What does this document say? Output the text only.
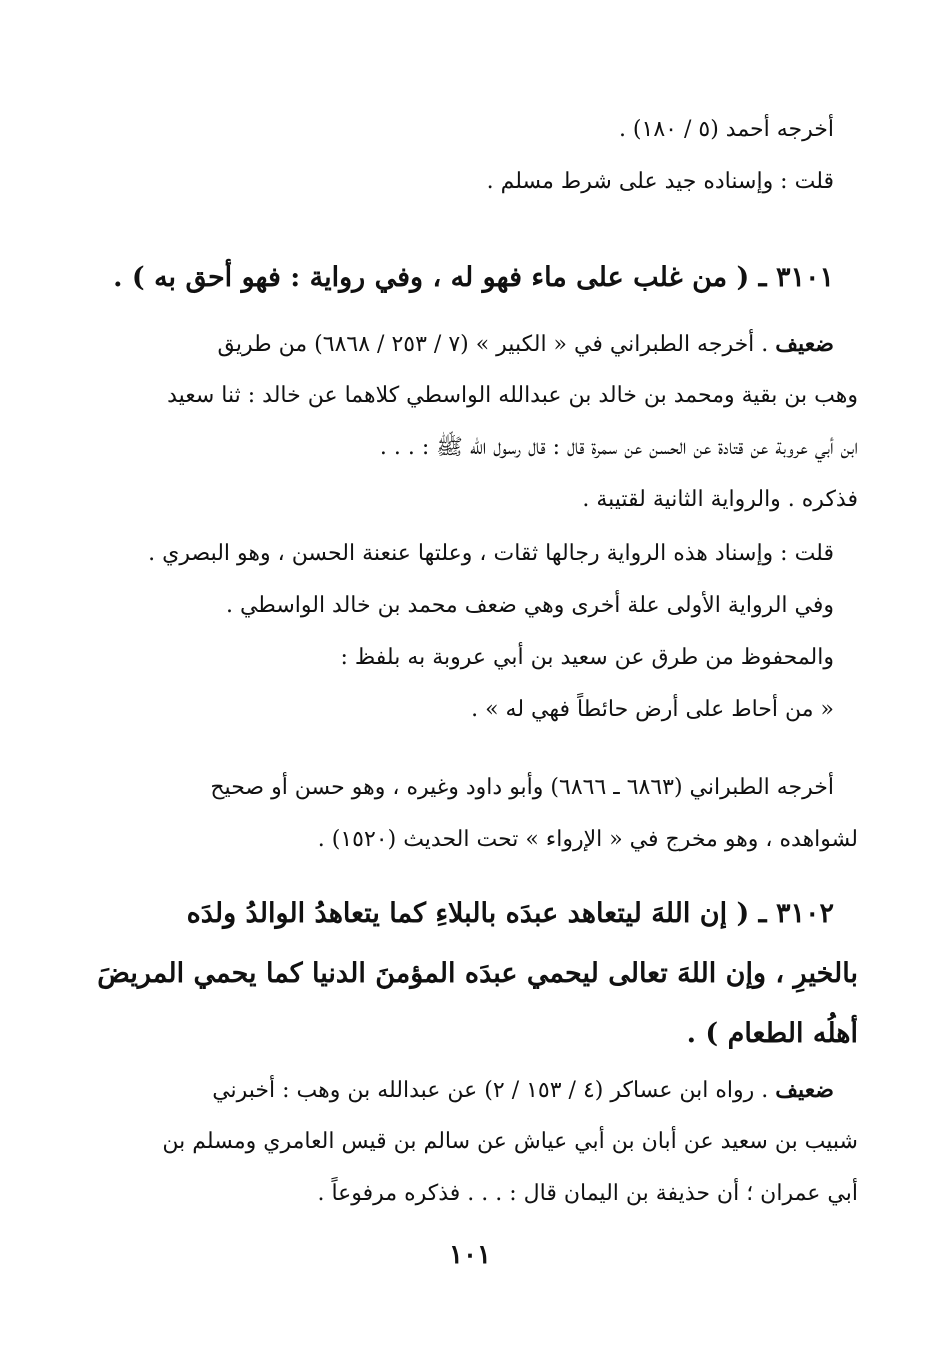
أخرجه أحمد (٥ / ١٨٠) .
قلت : وإسناده جيد على شرط مسلم .
٣١٠١ ـ ( من غلب على ماء فهو له ، وفي رواية : فهو أحق به ) .
ضعيف . أخرجه الطبراني في « الكبير » (٧ / ٢٥٣ / ٦٨٦٨) من طريق
وهب بن بقية ومحمد بن خالد بن عبدالله الواسطي كلاهما عن خالد : ثنا سعيد
ابن أبي عروبة عن قتادة عن الحسن عن سمرة قال : قال رسول الله ﷺ : . . .
فذكره . والرواية الثانية لقتيبة .
قلت : وإسناد هذه الرواية رجالها ثقات ، وعلتها عنعنة الحسن ، وهو البصري .
وفي الرواية الأولى علة أخرى وهي ضعف محمد بن خالد الواسطي .
والمحفوظ من طرق عن سعيد بن أبي عروبة به بلفظ :
« من أحاط على أرض حائطاً فهي له » .
أخرجه الطبراني (٦٨٦٣ ـ ٦٨٦٦) وأبو داود وغيره ، وهو حسن أو صحيح
لشواهده ، وهو مخرج في « الإرواء » تحت الحديث (١٥٢٠) .
٣١٠٢ ـ ( إن اللهَ ليتعاهد عبدَه بالبلاءِ كما يتعاهدُ الوالدُ ولدَه
بالخيرِ ، وإن اللهَ تعالى ليحمي عبدَه المؤمنَ الدنيا كما يحمي المريضَ
أهلُه الطعام ) .
ضعيف . رواه ابن عساكر (٤ / ١٥٣ / ٢) عن عبدالله بن وهب : أخبرني
شبيب بن سعيد عن أبان بن أبي عياش عن سالم بن قيس العامري ومسلم بن
أبي عمران ؛ أن حذيفة بن اليمان قال : . . . فذكره مرفوعاً .
١٠١
